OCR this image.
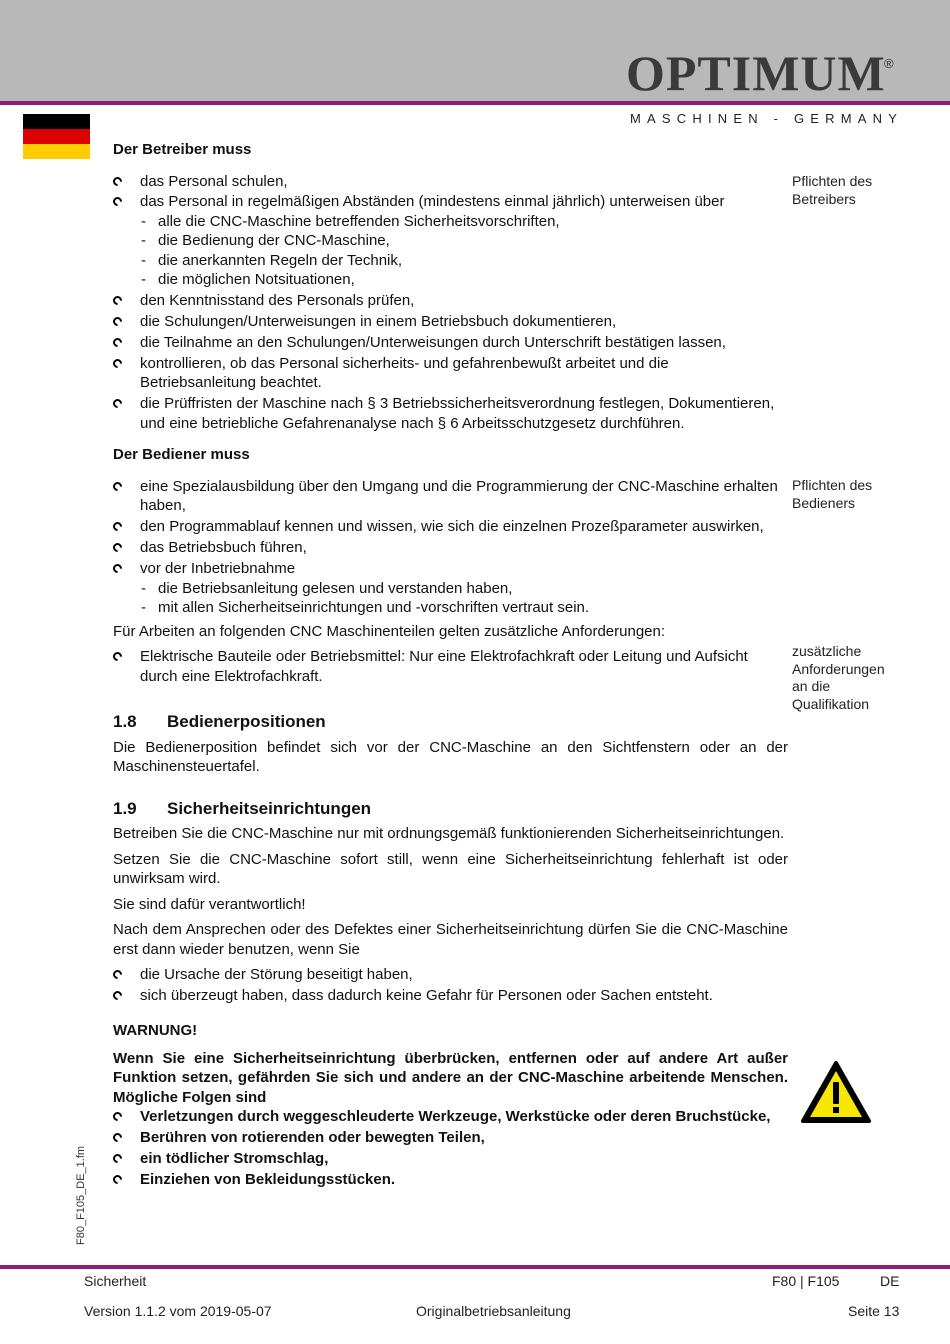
OPTIMUM
®
MASCHINEN - GERMANY

Der Betreiber muss

das Personal schulen,
das Personal in regelmäßigen Abständen (mindestens einmal jährlich) unterweisen über
- alle die CNC-Maschine betreffenden Sicherheitsvorschriften,
- die Bedienung der CNC-Maschine,
- die anerkannten Regeln der Technik,
- die möglichen Notsituationen,
den Kenntnisstand des Personals prüfen,
die Schulungen/Unterweisungen in einem Betriebsbuch dokumentieren,
die Teilnahme an den Schulungen/Unterweisungen durch Unterschrift bestätigen lassen,
kontrollieren, ob das Personal sicherheits- und gefahrenbewußt arbeitet und die Betriebsanleitung beachtet.
die Prüffristen der Maschine nach § 3 Betriebssicherheitsverordnung festlegen, Dokumentieren, und eine betriebliche Gefahrenanalyse nach § 6 Arbeitsschutzgesetz durchführen.

Der Bediener muss

eine Spezialausbildung über den Umgang und die Programmierung der CNC-Maschine erhalten haben,
den Programmablauf kennen und wissen, wie sich die einzelnen Prozeßparameter auswirken,
das Betriebsbuch führen,
vor der Inbetriebnahme
- die Betriebsanleitung gelesen und verstanden haben,
- mit allen Sicherheitseinrichtungen und -vorschriften vertraut sein.

Für Arbeiten an folgenden CNC Maschinenteilen gelten zusätzliche Anforderungen:

Elektrische Bauteile oder Betriebsmittel: Nur eine Elektrofachkraft oder Leitung und Aufsicht durch eine Elektrofachkraft.

1.8 Bedienerpositionen

Die Bedienerposition befindet sich vor der CNC-Maschine an den Sichtfenstern oder an der Maschinensteuertafel.

1.9 Sicherheitseinrichtungen

Betreiben Sie die CNC-Maschine nur mit ordnungsgemäß funktionierenden Sicherheitseinrichtungen.

Setzen Sie die CNC-Maschine sofort still, wenn eine Sicherheitseinrichtung fehlerhaft ist oder unwirksam wird.

Sie sind dafür verantwortlich!

Nach dem Ansprechen oder des Defektes einer Sicherheitseinrichtung dürfen Sie die CNC-Maschine erst dann wieder benutzen, wenn Sie

die Ursache der Störung beseitigt haben,
sich überzeugt haben, dass dadurch keine Gefahr für Personen oder Sachen entsteht.

WARNUNG!

Wenn Sie eine Sicherheitseinrichtung überbrücken, entfernen oder auf andere Art außer Funktion setzen, gefährden Sie sich und andere an der CNC-Maschine arbeitende Menschen. Mögliche Folgen sind

Verletzungen durch weggeschleuderte Werkzeuge, Werkstücke oder deren Bruchstücke,
Berühren von rotierenden oder bewegten Teilen,
ein tödlicher Stromschlag,
Einziehen von Bekleidungsstücken.
Pflichten des Betreibers
Pflichten des Bedieners
zusätzliche Anforderungen an die Qualifikation
F80_F105_DE_1.fm
Sicherheit	F80 | F105	DE
Version 1.1.2 vom 2019-05-07	Originalbetriebsanleitung	Seite 13
